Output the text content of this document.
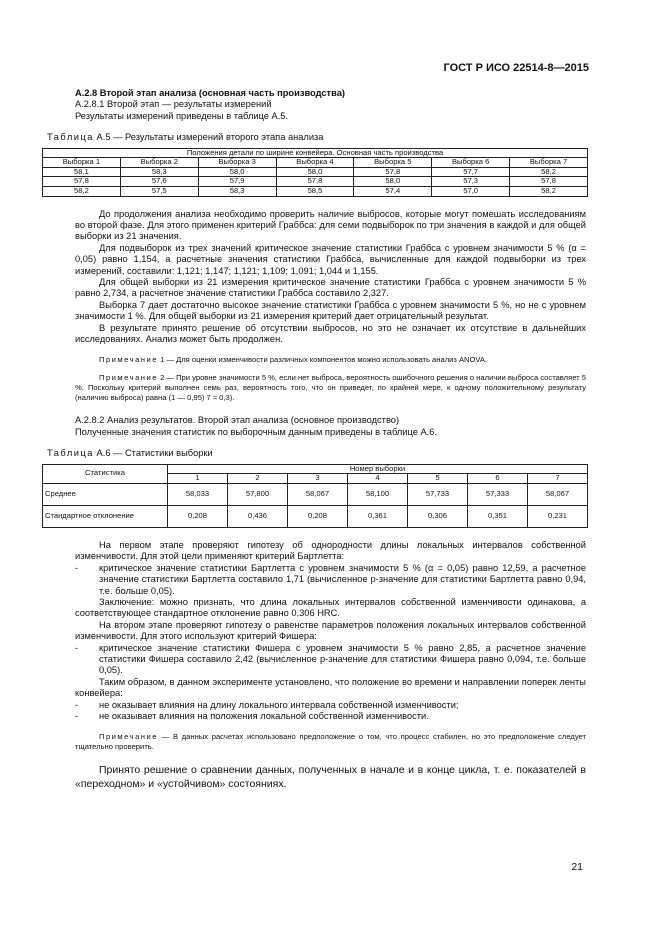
ГОСТ Р ИСО 22514-8—2015

А.2.8 Второй этап анализа (основная часть производства)

А.2.8.1 Второй этап — результаты измерений

Результаты измерений приведены в таблице А.5.

Таблица А.5 — Результаты измерений второго этапа анализа

Положения детали по ширине конвейера. Основная часть производства						
Выборка 1	Выборка 2	Выборка 3	Выборка 4	Выборка 5	Выборка 6	Выборка 7
58,1	58,3	58,0	58,0	57,8	57,7	58,2
57,8	57,6	57,9	57,8	58,0	57,3	57,8
58,2	57,5	58,3	58,5	57,4	57,0	58,2

До продолжения анализа необходимо проверить наличие выбросов, которые могут помешать исследованиям во второй фазе. Для этого применен критерий Граббса: для семи подвыборок по три значения в каждой и для общей выборки из 21 значения.

Для подвыборок из трех значений критическое значение статистики Граббса с уровнем значимости 5 % (α = 0,05) равно 1,154, а расчетные значения статистики Граббса, вычисленные для каждой подвыборки из трех измерений, составили: 1,121; 1,147; 1,121; 1,109; 1,091; 1,044 и 1,155.

Для общей выборки из 21 измерения критическое значение статистики Граббса с уровнем значимости 5 % равно 2,734, а расчетное значение статистики Граббса составило 2,327.

Выборка 7 дает достаточно высокое значение статистики Граббса с уровнем значимости 5 %, но не с уровнем значимости 1 %. Для общей выборки из 21 измерения критерий дает отрицательный результат.

В результате принято решение об отсутствии выбросов, но это не означает их отсутствие в дальнейших исследованиях. Анализ может быть продолжен.

Примечание 1 — Для оценки изменчивости различных компонентов можно использовать анализ ANOVA.

Примечание 2 — При уровне значимости 5 %, если нет выброса, вероятность ошибочного решения о наличии выброса составляет 5 %. Поскольку критерий выполнен семь раз, вероятность того, что он приведет, по крайней мере, к одному положительному результату (наличию выброса) равна (1 — 0,95) 7 ≈ 0,3).

А.2.8.2 Анализ результатов. Второй этап анализа (основное производство)

Полученные значения статистик по выборочным данным приведены в таблице А.6.

Таблица А.6 — Статистики выборки

Статистика	Номер выборки						
	1	2	3	4	5	6	7
Среднее	58,033	57,800	58,067	58,100	57,733	57,333	58,067
Стандартное отклонение	0,208	0,436	0,208	0,361	0,306	0,351	0,231

На первом этапе проверяют гипотезу об однородности длины локальных интервалов собственной изменчивости. Для этой цели применяют критерий Бартлетта:

-	критическое значение статистики Бартлетта с уровнем значимости 5 % (α = 0,05) равно 12,59, а расчетное значение статистики Бартлетта составило 1,71 (вычисленное p-значение для статистики Бартлетта равно 0,94, т.е. больше 0,05).

Заключение: можно признать, что длина локальных интервалов собственной изменчивости одинакова, а соответствующее стандартное отклонение равно 0,306 HRC.

На втором этапе проверяют гипотезу о равенстве параметров положения локальных интервалов собственной изменчивости. Для этого используют критерий Фишера:

-	критическое значение статистики Фишера с уровнем значимости 5 % равно 2,85, а расчетное значение статистики Фишера составило 2,42 (вычисленное p-значение для статистики Фишера равно 0,094, т.е. больше 0,05).

Таким образом, в данном эксперименте установлено, что положение во времени и направлении поперек ленты конвейера:

-	не оказывает влияния на длину локального интервала собственной изменчивости;
-	не оказывает влияния на положения локальной собственной изменчивости.

Примечание — В данных расчетах использовано предположение о том, что процесс стабилен, но это предположение следует тщательно проверить.

Принято решение о сравнении данных, полученных в начале и в конце цикла, т. е. показателей в «переходном» и «устойчивом» состояниях.

21
